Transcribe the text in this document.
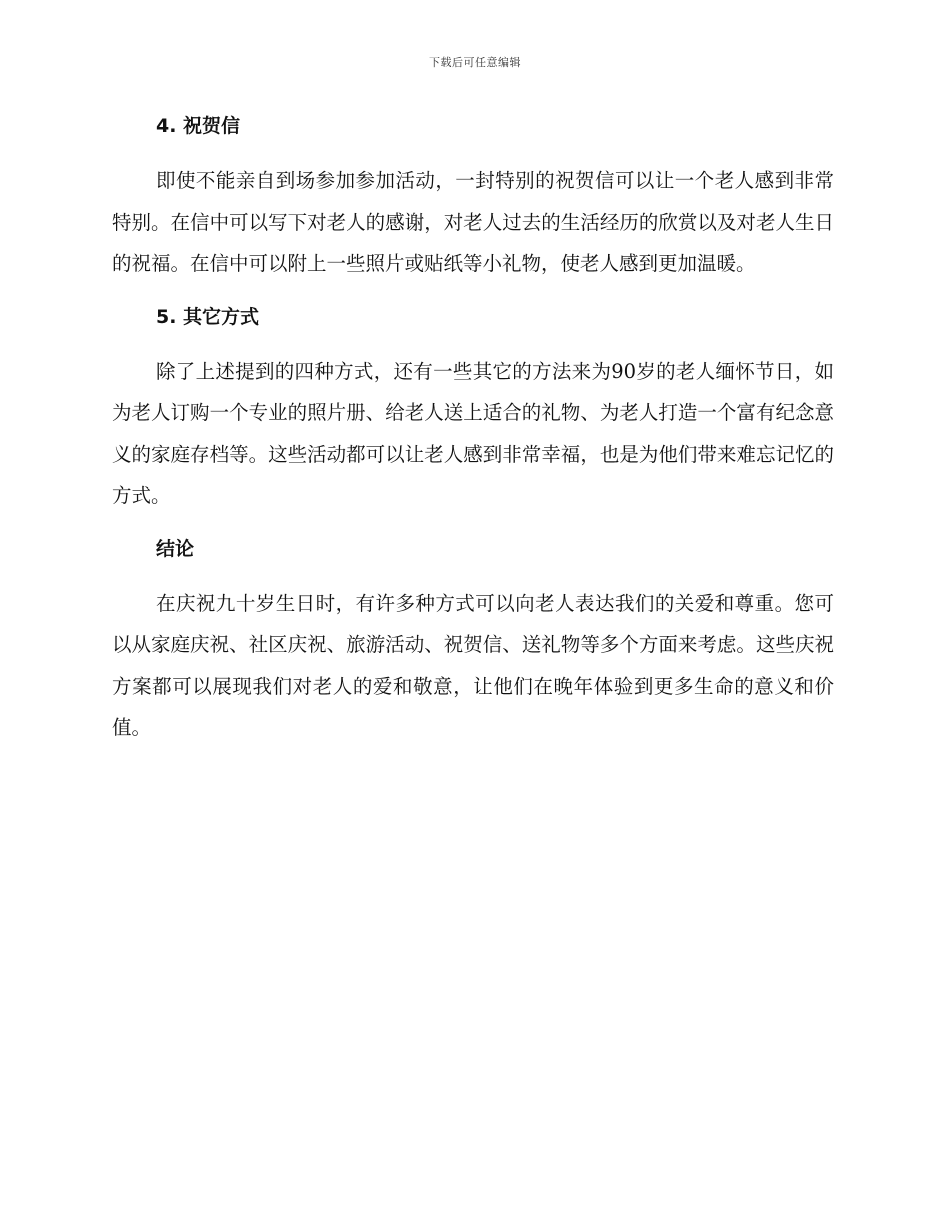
下载后可任意编辑
4. 祝贺信

即使不能亲自到场参加参加活动，一封特别的祝贺信可以让一个老人感到非常特别。在信中可以写下对老人的感谢，对老人过去的生活经历的欣赏以及对老人生日的祝福。在信中可以附上一些照片或贴纸等小礼物，使老人感到更加温暖。

5. 其它方式

除了上述提到的四种方式，还有一些其它的方法来为90岁的老人缅怀节日，如为老人订购一个专业的照片册、给老人送上适合的礼物、为老人打造一个富有纪念意义的家庭存档等。这些活动都可以让老人感到非常幸福，也是为他们带来难忘记忆的方式。

结论

在庆祝九十岁生日时，有许多种方式可以向老人表达我们的关爱和尊重。您可以从家庭庆祝、社区庆祝、旅游活动、祝贺信、送礼物等多个方面来考虑。这些庆祝方案都可以展现我们对老人的爱和敬意，让他们在晚年体验到更多生命的意义和价值。
